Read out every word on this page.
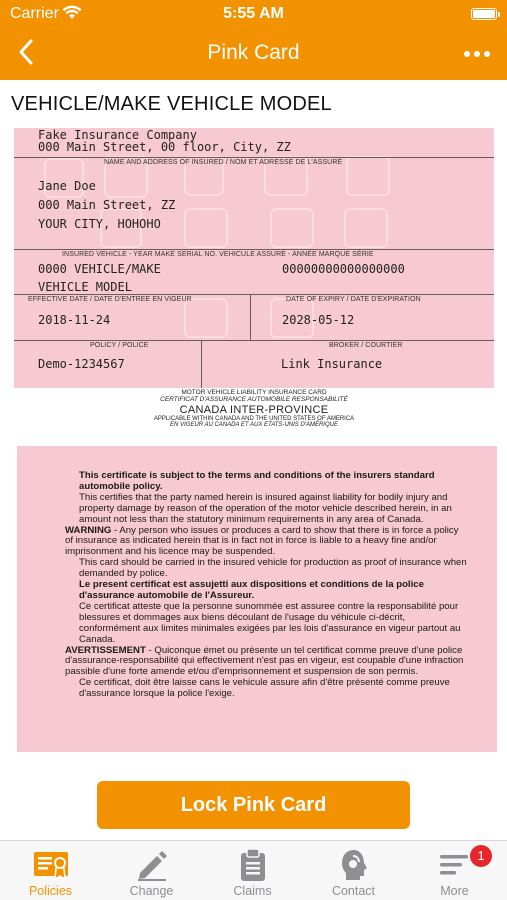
Carrier	5:55 AM
Pink Card
VEHICLE/MAKE VEHICLE MODEL
Fake Insurance Company
000 Main Street, 00 floor, City, ZZ
NAME AND ADDRESS OF INSURED / NOM ET ADRESSE DE L'ASSURÉ
Jane Doe
000 Main Street, ZZ
YOUR CITY, HOHOHO
INSURED VEHICLE - YEAR MAKE SERIAL NO. VEHICULE ASSURÉ - ANNÉE MARQUE SÉRIE
0000 VEHICLE/MAKE	00000000000000000
VEHICLE MODEL
EFFECTIVE DATE / DATE D'ENTREE EN VIGEUR	DATE OF EXPIRY / DATE D'EXPIRATION
2018-11-24	2028-05-12
POLICY / POLICE	BROKER / COURTIER
Demo-1234567	Link Insurance
MOTOR VEHICLE LIABILITY INSURANCE CARD
CERTIFICAT D'ASSURANCE AUTOMOBILE RESPONSABILITÉ
CANADA INTER-PROVINCE
APPLICABLE WITHIN CANADA AND THE UNITED STATES OF AMERICA
EN VIGEUR AU CANADA ET AUX ETATS-UNIS D'AMÉRIQUE

This certificate is subject to the terms and conditions of the insurers standard automobile policy.

This certifies that the party named herein is insured against liability for bodily injury and property damage by reason of the operation of the motor vehicle described herein, in an amount not less than the statutory minimum requirements in any area of Canada.

WARNING - Any person who issues or produces a card to show that there is in force a policy of insurance as indicated herein that is in fact not in force is liable to a heavy fine and/or imprisonment and his licence may be suspended.

This card should be carried in the insured vehicle for production as proof of insurance when demanded by police.

Le present certificat est assujetti aux dispositions et conditions de la police d'assurance automobile de l'Assureur.

Ce certificat atteste que la personne sunommée est assuree contre la responsabilité pour blessures et dommages aux biens découlant de l'usage du véhicule ci-décrit, conformément aux limites minimales exigées par les lois d'assurance en vigeur partout au Canada.

AVERTISSEMENT - Quiconque émet ou présente un tel certificat comme preuve d'une police d'assurance-responsabilité qui effectivement n'est pas en vigeur, est coupable d'une infraction passible d'une forte amende et/ou d'emprisonnement et suspension de son permis.

Ce certificat, doit être laisse cans le vehicule assure afin d'être présenté comme preuve d'assurance lorsque la police l'exige.

Lock Pink Card
Policies	Change	Claims	Contact
1
More
